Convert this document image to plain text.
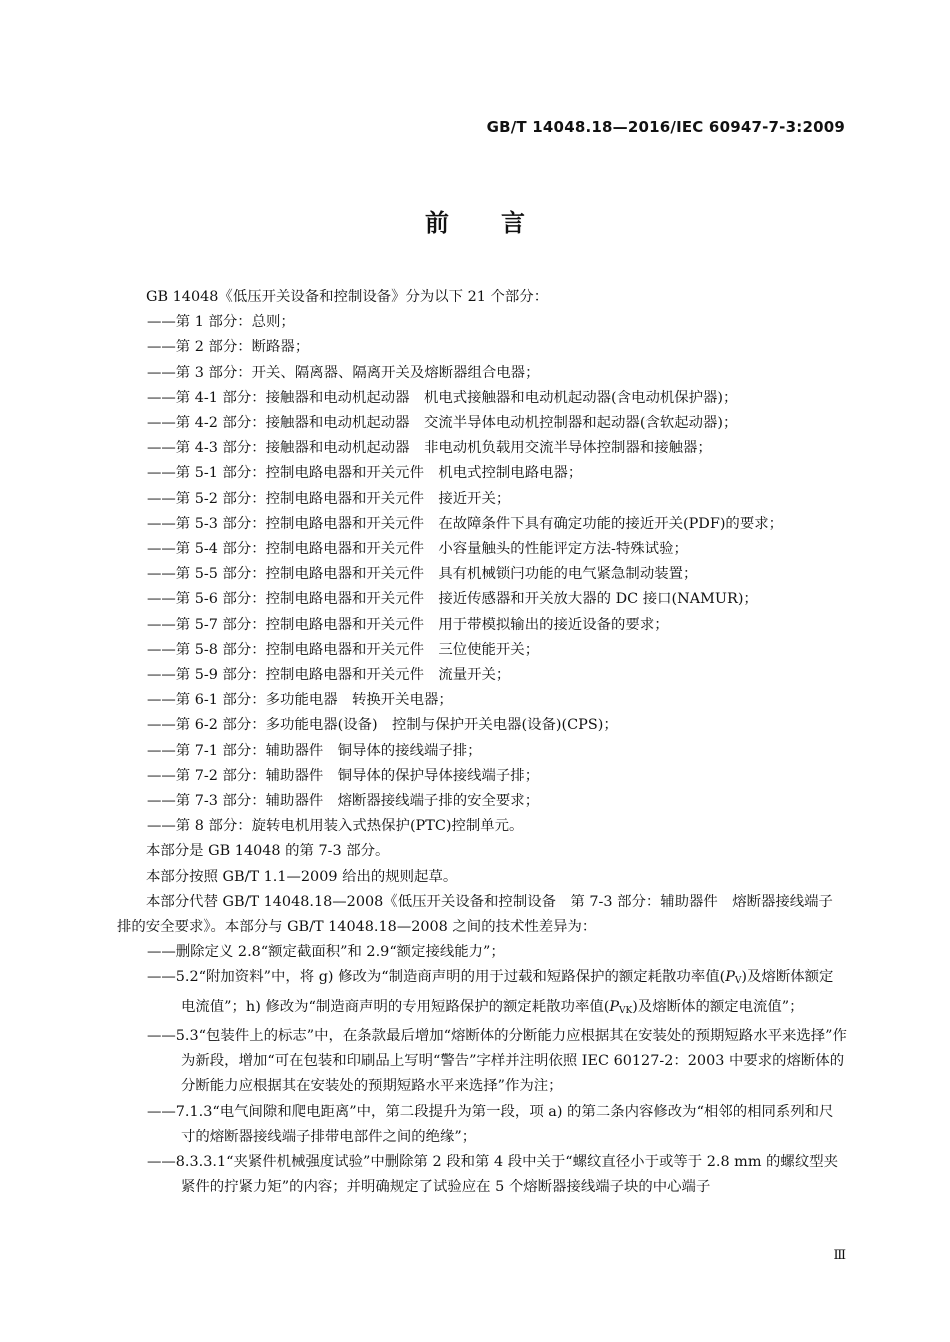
GB/T 14048.18—2016/IEC 60947-7-3:2009
前言

GB 14048《低压开关设备和控制设备》分为以下 21 个部分：

——第 1 部分：总则；

——第 2 部分：断路器；

——第 3 部分：开关、隔离器、隔离开关及熔断器组合电器；

——第 4-1 部分：接触器和电动机起动器　机电式接触器和电动机起动器(含电动机保护器)；

——第 4-2 部分：接触器和电动机起动器　交流半导体电动机控制器和起动器(含软起动器)；

——第 4-3 部分：接触器和电动机起动器　非电动机负载用交流半导体控制器和接触器；

——第 5-1 部分：控制电路电器和开关元件　机电式控制电路电器；

——第 5-2 部分：控制电路电器和开关元件　接近开关；

——第 5-3 部分：控制电路电器和开关元件　在故障条件下具有确定功能的接近开关(PDF)的要求；

——第 5-4 部分：控制电路电器和开关元件　小容量触头的性能评定方法-特殊试验；

——第 5-5 部分：控制电路电器和开关元件　具有机械锁闩功能的电气紧急制动装置；

——第 5-6 部分：控制电路电器和开关元件　接近传感器和开关放大器的 DC 接口(NAMUR)；

——第 5-7 部分：控制电路电器和开关元件　用于带模拟输出的接近设备的要求；

——第 5-8 部分：控制电路电器和开关元件　三位使能开关；

——第 5-9 部分：控制电路电器和开关元件　流量开关；

——第 6-1 部分：多功能电器　转换开关电器；

——第 6-2 部分：多功能电器(设备)　控制与保护开关电器(设备)(CPS)；

——第 7-1 部分：辅助器件　铜导体的接线端子排；

——第 7-2 部分：辅助器件　铜导体的保护导体接线端子排；

——第 7-3 部分：辅助器件　熔断器接线端子排的安全要求；

——第 8 部分：旋转电机用装入式热保护(PTC)控制单元。

本部分是 GB 14048 的第 7-3 部分。

本部分按照 GB/T 1.1—2009 给出的规则起草。

本部分代替 GB/T 14048.18—2008《低压开关设备和控制设备　第 7-3 部分：辅助器件　熔断器接线端子排的安全要求》。本部分与 GB/T 14048.18—2008 之间的技术性差异为：

——删除定义 2.8“额定截面积”和 2.9“额定接线能力”；

——5.2“附加资料”中，将 g) 修改为“制造商声明的用于过载和短路保护的额定耗散功率值$(P_V)$及熔断体额定电流值”；h) 修改为“制造商声明的专用短路保护的额定耗散功率值$(P_{VK})$及熔断体的额定电流值”；

——5.3“包装件上的标志”中，在条款最后增加“熔断体的分断能力应根据其在安装处的预期短路水平来选择”作为新段，增加“可在包装和印刷品上写明“警告”字样并注明依照 IEC 60127-2：2003 中要求的熔断体的分断能力应根据其在安装处的预期短路水平来选择”作为注；

——7.1.3“电气间隙和爬电距离”中，第二段提升为第一段，项 a) 的第二条内容修改为“相邻的相同系列和尺寸的熔断器接线端子排带电部件之间的绝缘”；

——8.3.3.1“夹紧件机械强度试验”中删除第 2 段和第 4 段中关于“螺纹直径小于或等于 2.8 mm 的螺纹型夹紧件的拧紧力矩”的内容；并明确规定了试验应在 5 个熔断器接线端子块的中心端子

Ⅲ
